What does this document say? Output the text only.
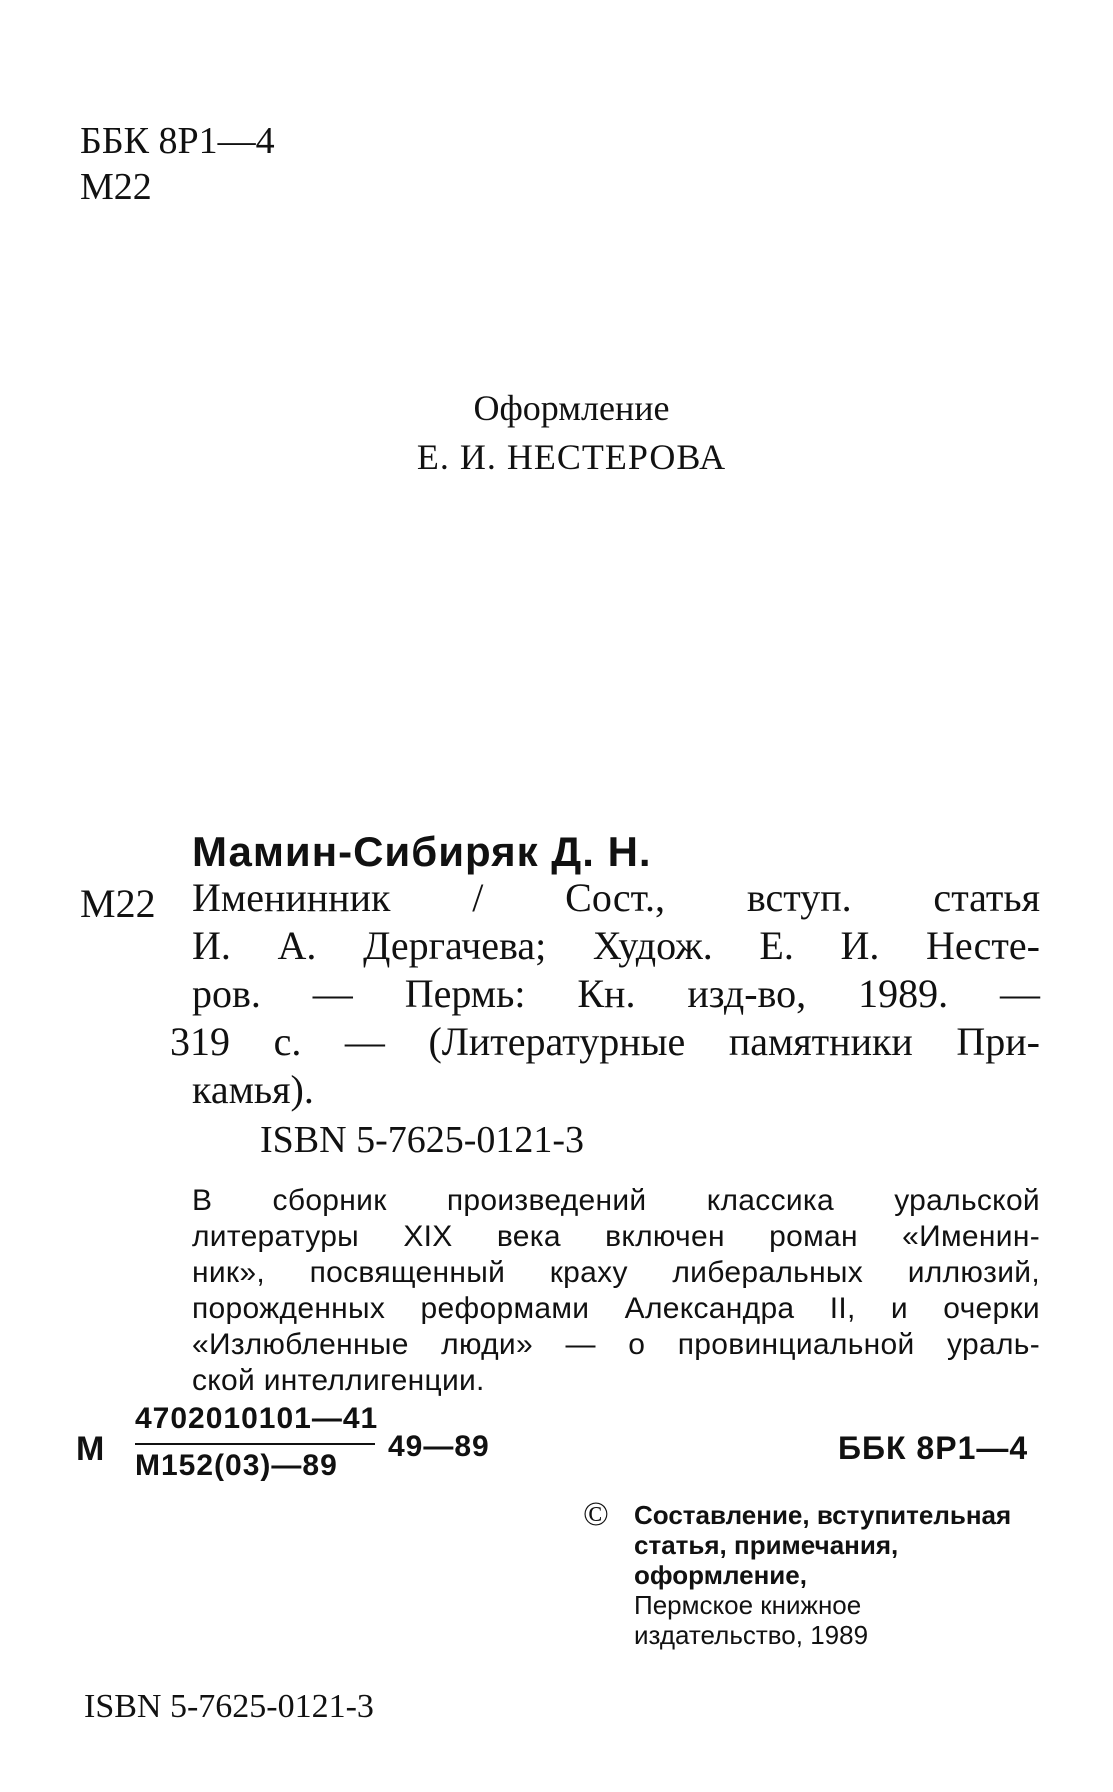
ББК 8Р1—4
М22
Оформление
Е. И. НЕСТЕРОВА
Мамин-Сибиряк Д. Н.
М22 Именинник / Сост., вступ. статья
И. А. Дергачева; Худож. Е. И. Несте-
ров. — Пермь: Кн. изд-во, 1989. —
319 с. — (Литературные памятники При-
камья).
ISBN 5-7625-0121-3
В сборник произведений классика уральской
литературы XIX века включен роман «Именин-
ник», посвященный краху либеральных иллюзий,
порожденных реформами Александра II, и очерки
«Излюбленные люди» — о провинциальной ураль-
ской интеллигенции.
М
4702010101—41
М152(03)—89
49—89	ББК 8Р1—4
© Составление, вступительная
статья, примечания,
оформление,
Пермское книжное
издательство, 1989
ISBN 5-7625-0121-3
